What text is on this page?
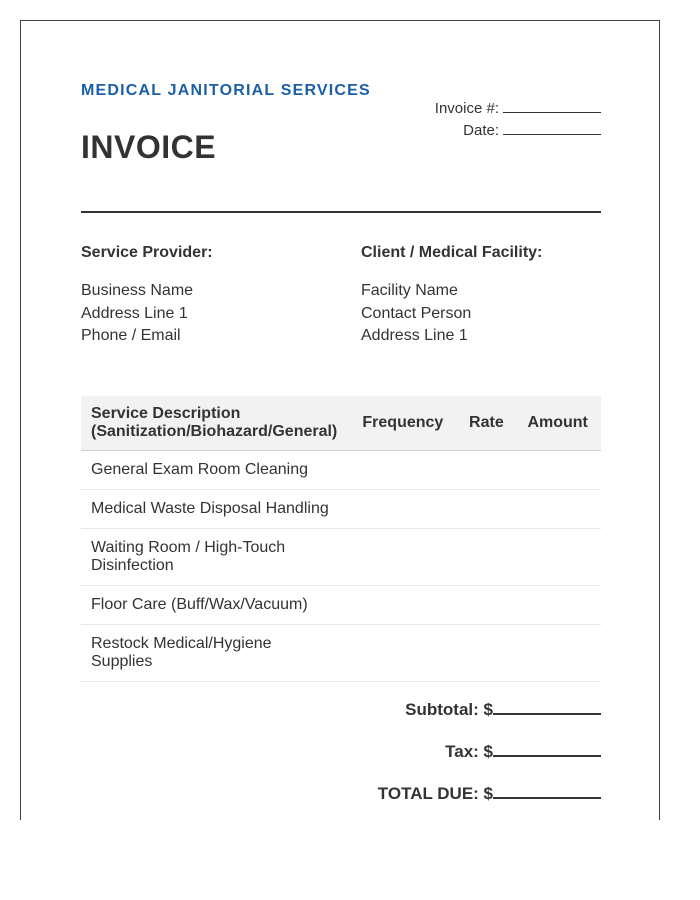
MEDICAL JANITORIAL SERVICES
INVOICE
Invoice #:
Date:
Service Provider:
Business Name
Address Line 1
Phone / Email
Client / Medical Facility:
Facility Name
Contact Person
Address Line 1
Service Description
(Sanitization/Biohazard/General)	Frequency	Rate	Amount
General Exam Room Cleaning			
Medical Waste Disposal Handling			
Waiting Room / High-Touch Disinfection			
Floor Care (Buff/Wax/Vacuum)			
Restock Medical/Hygiene Supplies			
Subtotal: $
Tax: $
TOTAL DUE: $
